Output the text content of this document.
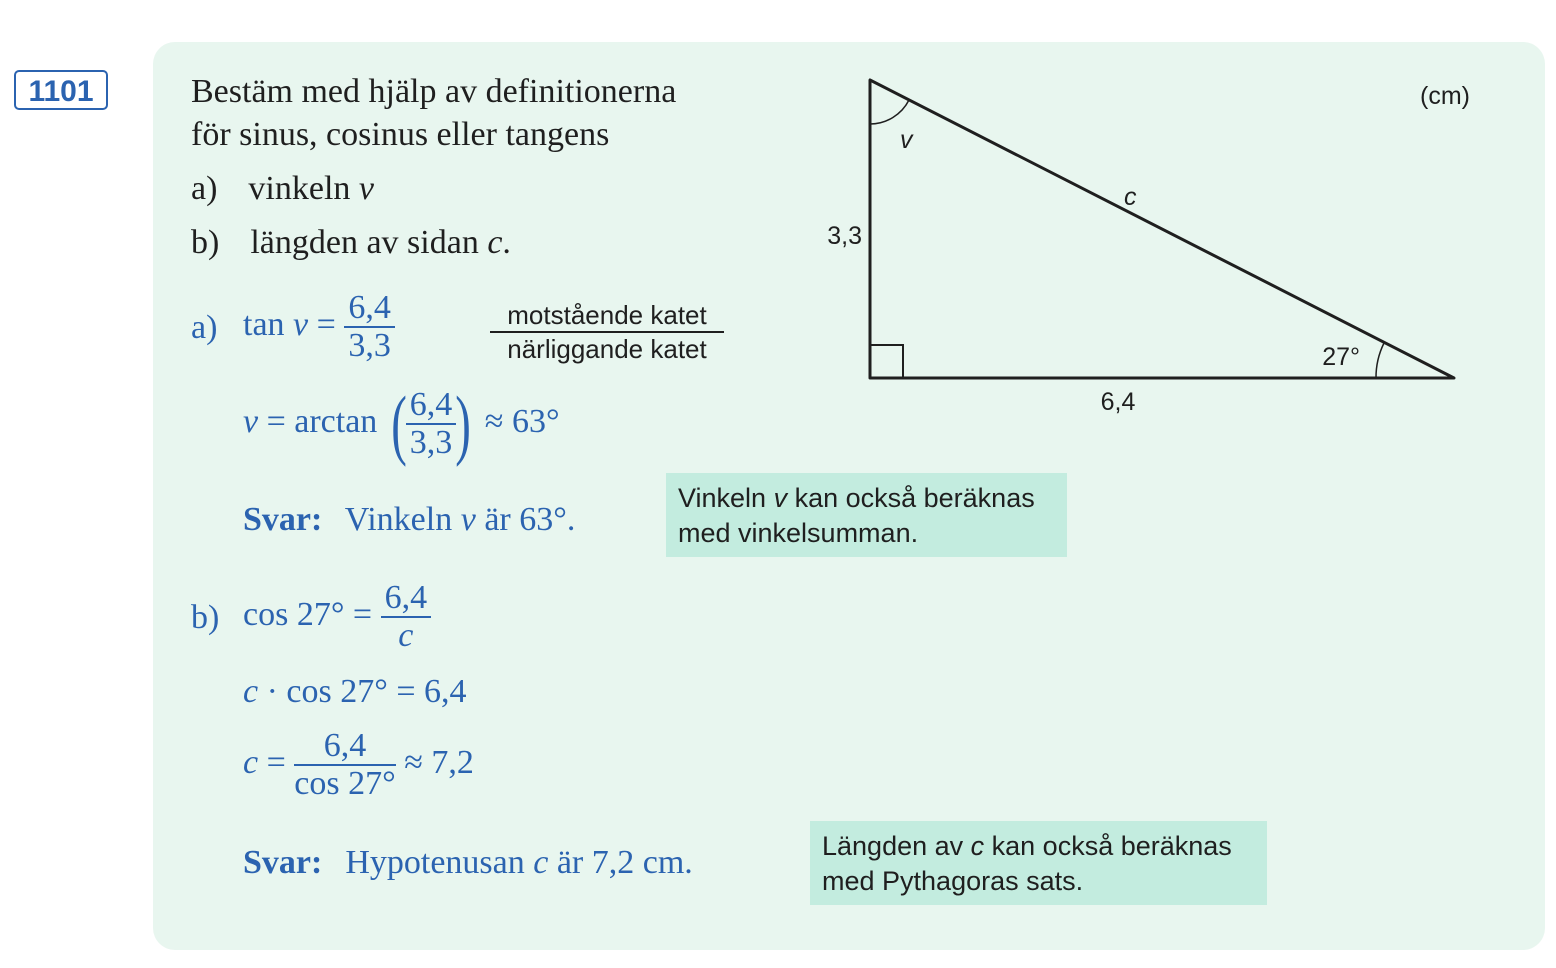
1101	Bestäm med hjälp av definitionerna
för sinus, cosinus eller tangens
a) vinkeln v
b) längden av sidan c.
a) $\tan v = \frac{6,4}{3,3}$	motstående katet
närliggande katet
v = arctan ( $\frac{6,4}{3,3}$ ) ≈ 63°
Svar: Vinkeln v är 63°.
Vinkeln v kan också beräknas
med vinkelsumman.
b) $\cos 27^\circ = \frac{6,4}{c}$
c · cos 27° = 6,4
$c = \frac{6,4}{\cos 27^\circ} \approx 7,2$
Svar: Hypotenusan c är 7,2 cm.	Längden av c kan också beräknas
med Pythagoras sats.
(cm)
v
c
3,3
6,4
27°
